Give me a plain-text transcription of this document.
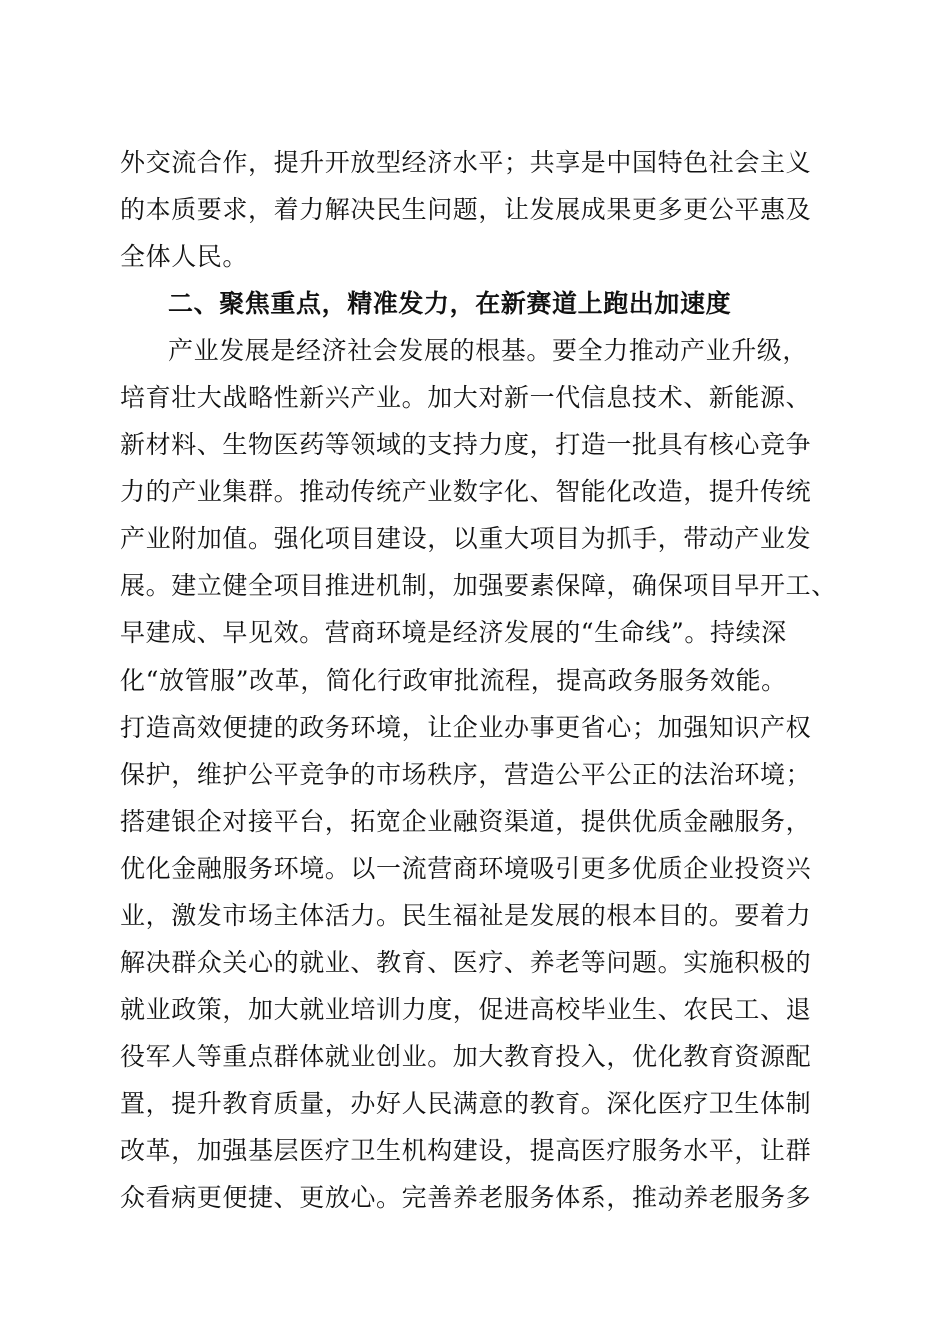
外交流合作，提升开放型经济水平；共享是中国特色社会主义
的本质要求，着力解决民生问题，让发展成果更多更公平惠及
全体人民。
二、聚焦重点，精准发力，在新赛道上跑出加速度
产业发展是经济社会发展的根基。要全力推动产业升级，
培育壮大战略性新兴产业。加大对新一代信息技术、新能源、
新材料、生物医药等领域的支持力度，打造一批具有核心竞争
力的产业集群。推动传统产业数字化、智能化改造，提升传统
产业附加值。强化项目建设，以重大项目为抓手，带动产业发
展。建立健全项目推进机制，加强要素保障，确保项目早开工、
早建成、早见效。营商环境是经济发展的“生命线”。持续深
化“放管服”改革，简化行政审批流程，提高政务服务效能。
打造高效便捷的政务环境，让企业办事更省心；加强知识产权
保护，维护公平竞争的市场秩序，营造公平公正的法治环境；
搭建银企对接平台，拓宽企业融资渠道，提供优质金融服务，
优化金融服务环境。以一流营商环境吸引更多优质企业投资兴
业，激发市场主体活力。民生福祉是发展的根本目的。要着力
解决群众关心的就业、教育、医疗、养老等问题。实施积极的
就业政策，加大就业培训力度，促进高校毕业生、农民工、退
役军人等重点群体就业创业。加大教育投入，优化教育资源配
置，提升教育质量，办好人民满意的教育。深化医疗卫生体制
改革，加强基层医疗卫生机构建设，提高医疗服务水平，让群
众看病更便捷、更放心。完善养老服务体系，推动养老服务多
